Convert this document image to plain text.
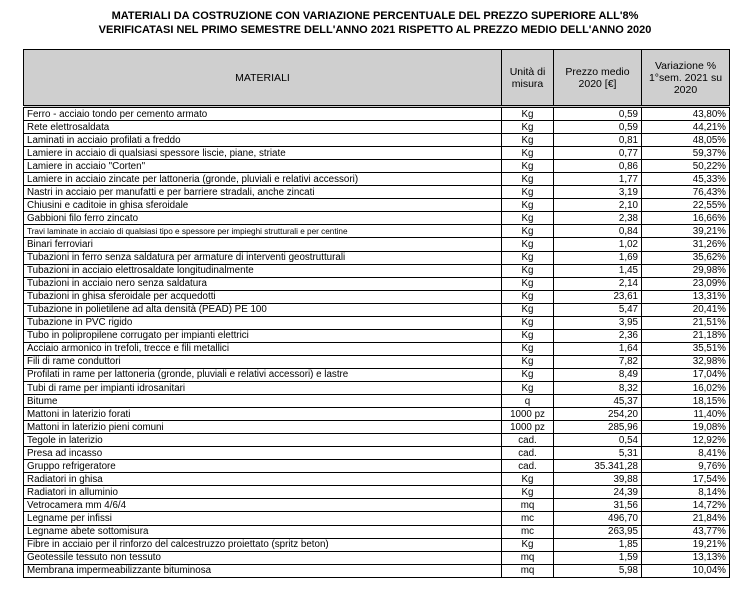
MATERIALI DA COSTRUZIONE CON VARIAZIONE PERCENTUALE DEL PREZZO SUPERIORE ALL'8%
VERIFICATASI NEL PRIMO SEMESTRE DELL'ANNO 2021 RISPETTO AL PREZZO MEDIO DELL'ANNO 2020
MATERIALI	Unità di misura	Prezzo medio 2020 [€]	Variazione % 1°sem. 2021 su 2020
Ferro - acciaio tondo per cemento armato	Kg	0,59	43,80%
Rete elettrosaldata	Kg	0,59	44,21%
Laminati in acciaio profilati a freddo	Kg	0,81	48,05%
Lamiere in acciaio di qualsiasi spessore liscie, piane, striate	Kg	0,77	59,37%
Lamiere in acciaio "Corten"	Kg	0,86	50,22%
Lamiere in acciaio zincate per lattoneria (gronde, pluviali e relativi accessori)	Kg	1,77	45,33%
Nastri in acciaio per manufatti e per barriere stradali, anche zincati	Kg	3,19	76,43%
Chiusini e caditoie in ghisa sferoidale	Kg	2,10	22,55%
Gabbioni filo ferro zincato	Kg	2,38	16,66%
Travi laminate in acciaio di qualsiasi tipo e spessore per impieghi strutturali e per centine	Kg	0,84	39,21%
Binari ferroviari	Kg	1,02	31,26%
Tubazioni in ferro senza saldatura per armature di interventi geostrutturali	Kg	1,69	35,62%
Tubazioni in acciaio elettrosaldate longitudinalmente	Kg	1,45	29,98%
Tubazioni in acciaio nero senza saldatura	Kg	2,14	23,09%
Tubazioni in ghisa sferoidale per acquedotti	Kg	23,61	13,31%
Tubazione in polietilene ad alta densità (PEAD) PE 100	Kg	5,47	20,41%
Tubazione in PVC rigido	Kg	3,95	21,51%
Tubo in polipropilene corrugato per impianti elettrici	Kg	2,36	21,18%
Acciaio armonico in trefoli, trecce e fili metallici	Kg	1,64	35,51%
Fili di rame conduttori	Kg	7,82	32,98%
Profilati in rame per lattoneria (gronde, pluviali e relativi accessori) e lastre	Kg	8,49	17,04%
Tubi di rame per impianti idrosanitari	Kg	8,32	16,02%
Bitume	q	45,37	18,15%
Mattoni in laterizio forati	1000 pz	254,20	11,40%
Mattoni in laterizio pieni comuni	1000 pz	285,96	19,08%
Tegole in laterizio	cad.	0,54	12,92%
Presa ad incasso	cad.	5,31	8,41%
Gruppo refrigeratore	cad.	35.341,28	9,76%
Radiatori in ghisa	Kg	39,88	17,54%
Radiatori in alluminio	Kg	24,39	8,14%
Vetrocamera mm 4/6/4	mq	31,56	14,72%
Legname per infissi	mc	496,70	21,84%
Legname abete sottomisura	mc	263,95	43,77%
Fibre in acciaio per il rinforzo del calcestruzzo proiettato (spritz beton)	Kg	1,85	19,21%
Geotessile tessuto non tessuto	mq	1,59	13,13%
Membrana impermeabilizzante bituminosa	mq	5,98	10,04%
